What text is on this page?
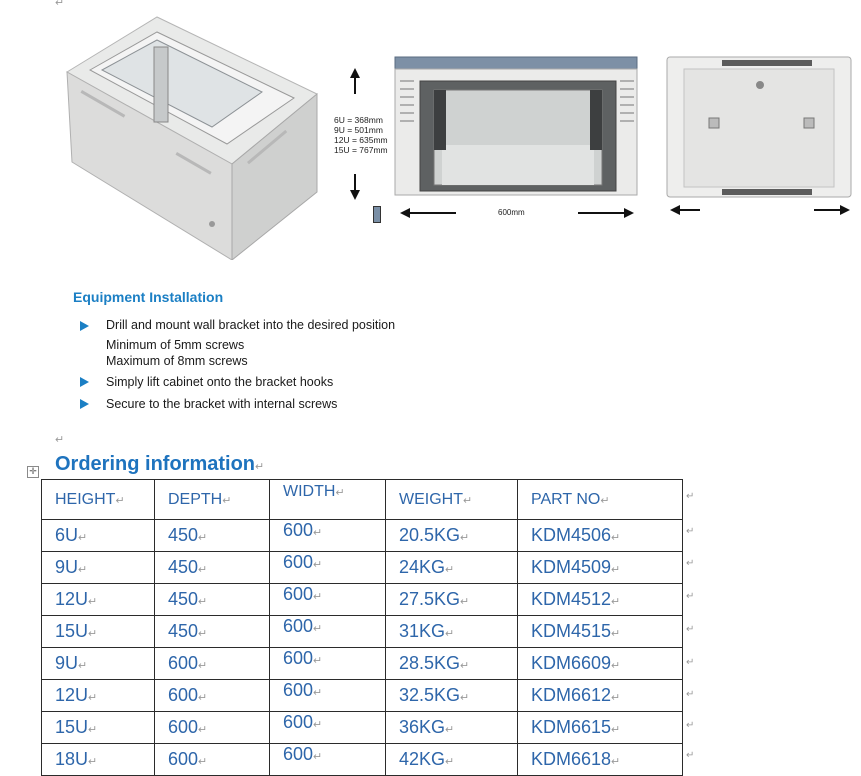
↵
↵
6U = 368mm
9U = 501mm
12U = 635mm
15U = 767mm
600mm
Equipment Installation
Drill and mount wall bracket into the desired position
Minimum of 5mm screws
Maximum of 8mm screws
Simply lift cabinet onto the bracket hooks
Secure to the bracket with internal screws
✛ Ordering information↵
HEIGHT↵	DEPTH↵	WIDTH↵	WEIGHT↵	PART NO↵
6U↵	450↵	600↵	20.5KG↵	KDM4506↵
9U↵	450↵	600↵	24KG↵	KDM4509↵
12U↵	450↵	600↵	27.5KG↵	KDM4512↵
15U↵	450↵	600↵	31KG↵	KDM4515↵
9U↵	600↵	600↵	28.5KG↵	KDM6609↵
12U↵	600↵	600↵	32.5KG↵	KDM6612↵
15U↵	600↵	600↵	36KG↵	KDM6615↵
18U↵	600↵	600↵	42KG↵	KDM6618↵
↵
↵
↵
↵
↵
↵
↵
↵
↵
